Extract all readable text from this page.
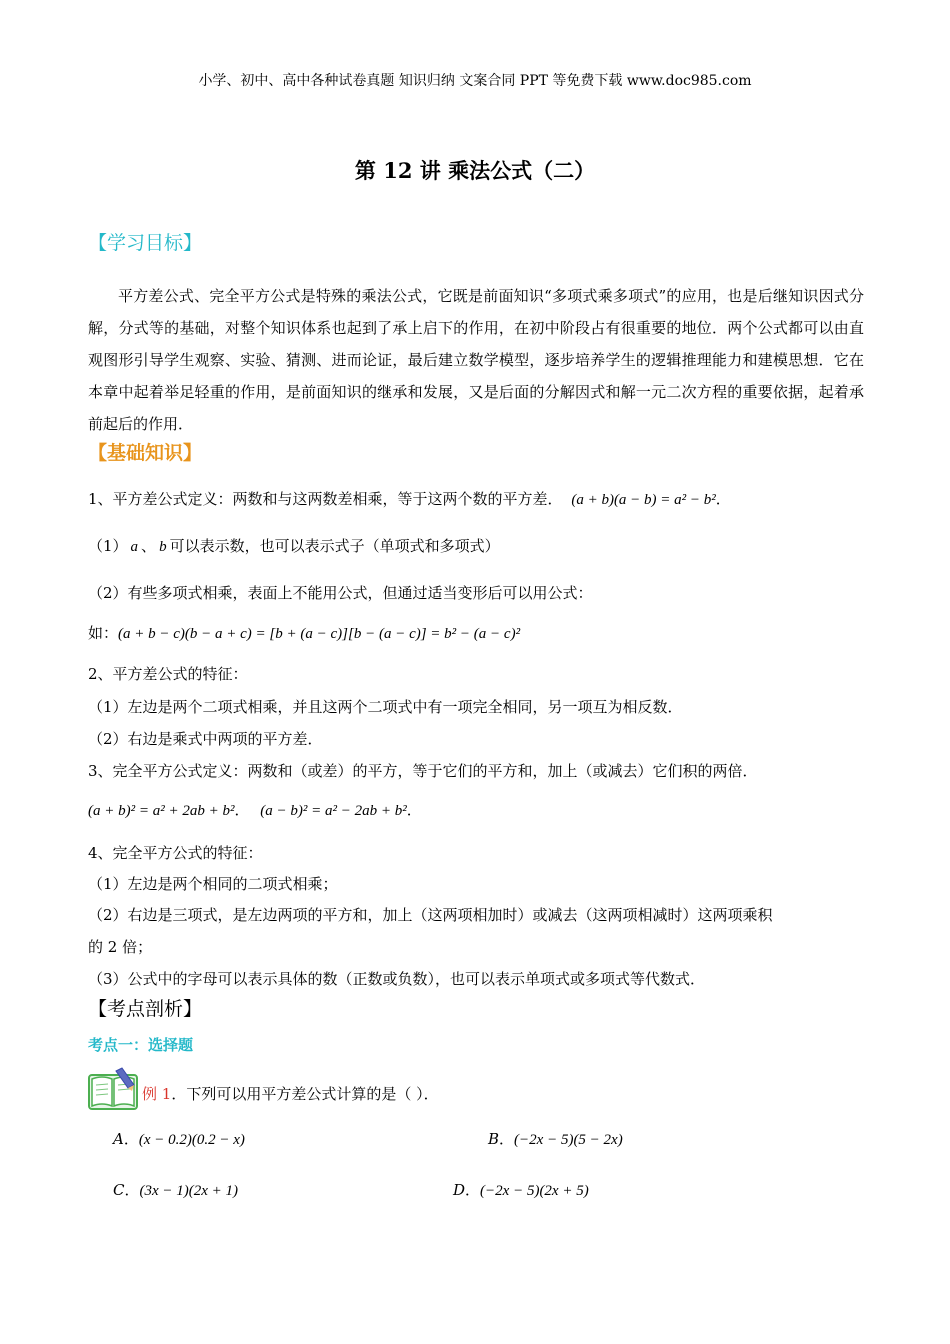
小学、初中、高中各种试卷真题 知识归纳 文案合同 PPT 等免费下载 www.doc985.com
第 12 讲 乘法公式（二）
【学习目标】
平方差公式、完全平方公式是特殊的乘法公式，它既是前面知识“多项式乘多项式”的应用，也是后继知识因式分解，分式等的基础，对整个知识体系也起到了承上启下的作用，在初中阶段占有很重要的地位．两个公式都可以由直观图形引导学生观察、实验、猜测、进而论证，最后建立数学模型，逐步培养学生的逻辑推理能力和建模思想．它在本章中起着举足轻重的作用，是前面知识的继承和发展，又是后面的分解因式和解一元二次方程的重要依据，起着承前起后的作用．
【基础知识】
1、平方差公式定义：两数和与这两数差相乘，等于这两个数的平方差． (a + b)(a − b) = a² − b²．
（1） a 、 b 可以表示数，也可以表示式子（单项式和多项式）
（2）有些多项式相乘，表面上不能用公式，但通过适当变形后可以用公式：
如：(a + b − c)(b − a + c) = [b + (a − c)][b − (a − c)] = b² − (a − c)²
2、平方差公式的特征：
（1）左边是两个二项式相乘，并且这两个二项式中有一项完全相同，另一项互为相反数．
（2）右边是乘式中两项的平方差．
3、完全平方公式定义：两数和（或差）的平方，等于它们的平方和，加上（或减去）它们积的两倍．
(a + b)² = a² + 2ab + b²． (a − b)² = a² − 2ab + b²．
4、完全平方公式的特征：
（1）左边是两个相同的二项式相乘；
（2）右边是三项式，是左边两项的平方和，加上（这两项相加时）或减去（这两项相减时）这两项乘积
的 2 倍；
（3）公式中的字母可以表示具体的数（正数或负数），也可以表示单项式或多项式等代数式．
【考点剖析】
考点一：选择题
例 1．下列可以用平方差公式计算的是（ ）．
A．(x − 0.2)(0.2 − x)	B．(−2x − 5)(5 − 2x)
C．(3x − 1)(2x + 1)	D．(−2x − 5)(2x + 5)
